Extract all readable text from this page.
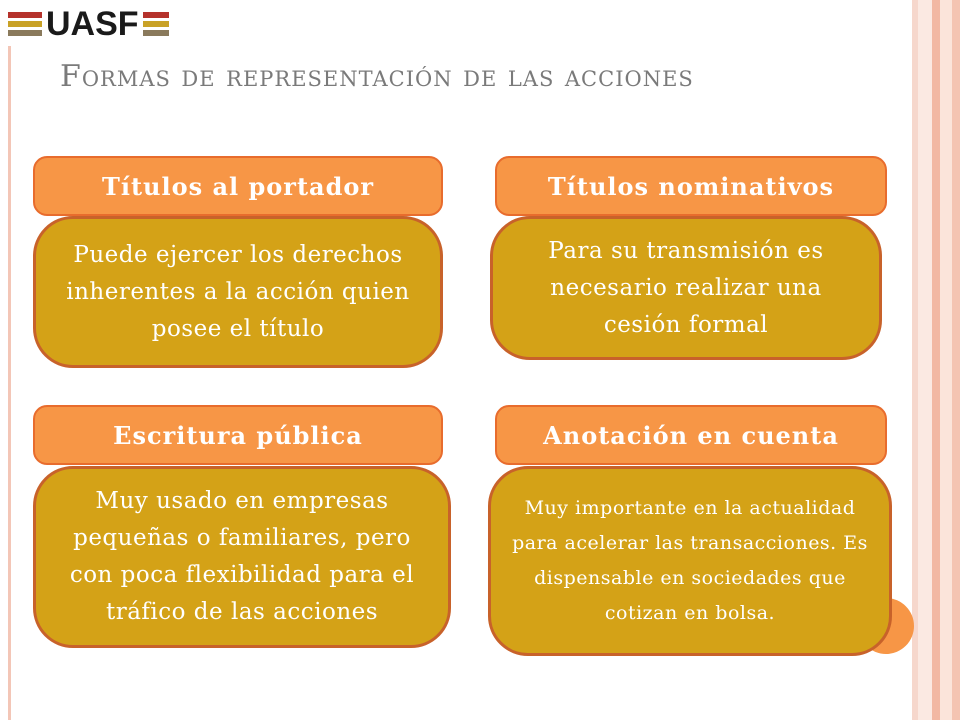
UASF
Formas de representación de las acciones
Títulos al portador
Puede ejercer los derechos inherentes a la acción quien posee el título
Títulos nominativos
Para su transmisión es necesario realizar una cesión formal
Escritura pública
Muy usado en empresas pequeñas o familiares, pero con poca flexibilidad para el tráfico de las acciones
Anotación en cuenta
Muy importante en la actualidad para acelerar las transacciones. Es dispensable en sociedades que cotizan en bolsa.
